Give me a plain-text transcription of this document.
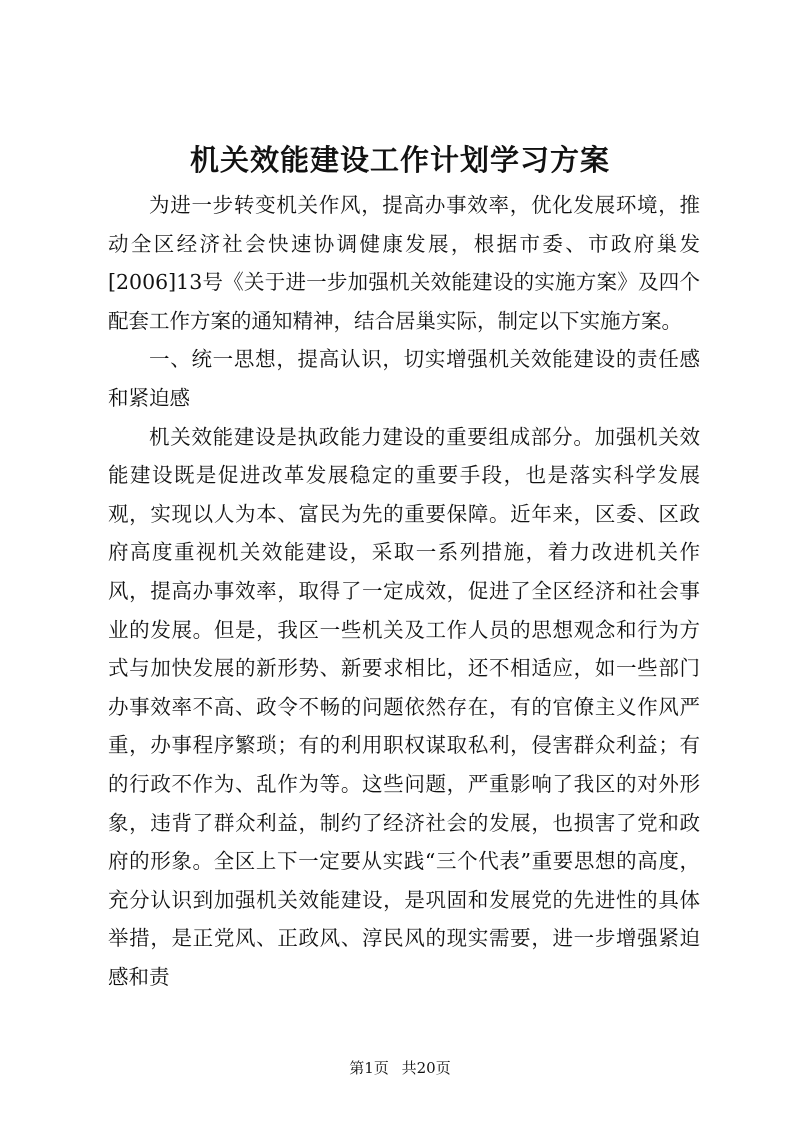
机关效能建设工作计划学习方案

为进一步转变机关作风，提高办事效率，优化发展环境，推动全区经济社会快速协调健康发展，根据市委、市政府巢发[2006]13号《关于进一步加强机关效能建设的实施方案》及四个配套工作方案的通知精神，结合居巢实际，制定以下实施方案。

一、统一思想，提高认识，切实增强机关效能建设的责任感和紧迫感

机关效能建设是执政能力建设的重要组成部分。加强机关效能建设既是促进改革发展稳定的重要手段，也是落实科学发展观，实现以人为本、富民为先的重要保障。近年来，区委、区政府高度重视机关效能建设，采取一系列措施，着力改进机关作风，提高办事效率，取得了一定成效，促进了全区经济和社会事业的发展。但是，我区一些机关及工作人员的思想观念和行为方式与加快发展的新形势、新要求相比，还不相适应，如一些部门办事效率不高、政令不畅的问题依然存在，有的官僚主义作风严重，办事程序繁琐；有的利用职权谋取私利，侵害群众利益；有的行政不作为、乱作为等。这些问题，严重影响了我区的对外形象，违背了群众利益，制约了经济社会的发展，也损害了党和政府的形象。全区上下一定要从实践“三个代表”重要思想的高度，充分认识到加强机关效能建设，是巩固和发展党的先进性的具体举措，是正党风、正政风、淳民风的现实需要，进一步增强紧迫感和责

第1页 共20页
